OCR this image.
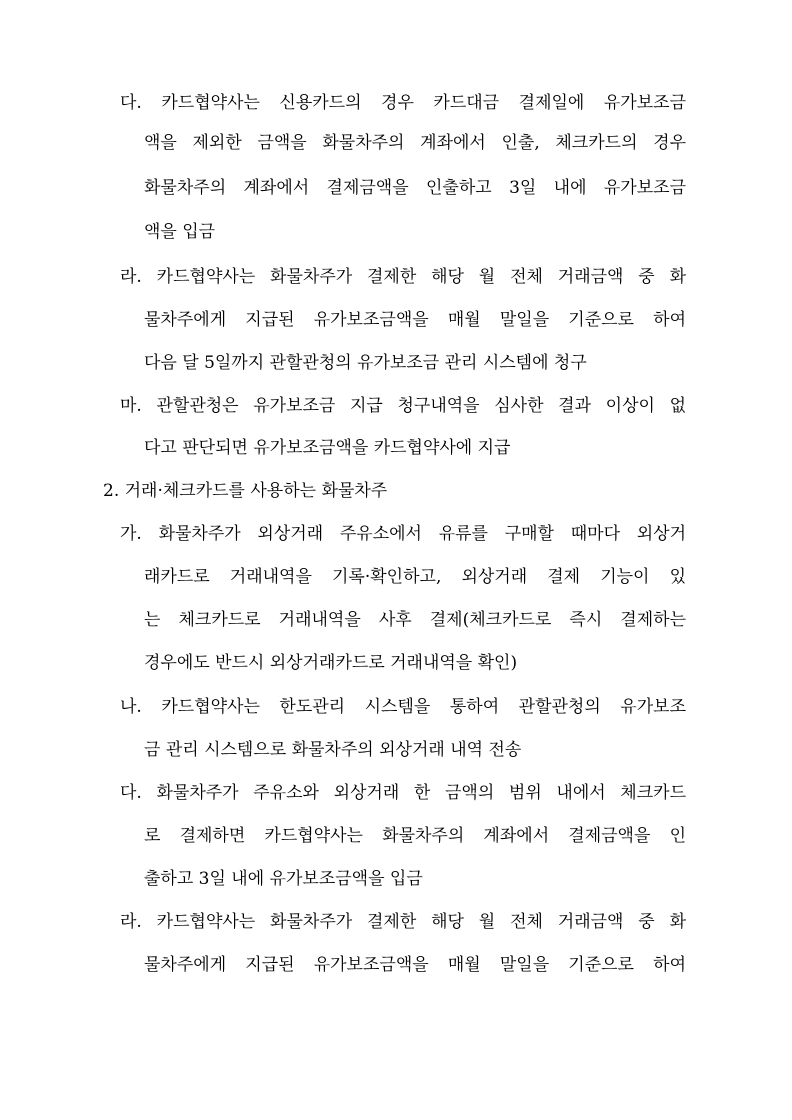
다. 카드협약사는 신용카드의 경우 카드대금 결제일에 유가보조금
액을 제외한 금액을 화물차주의 계좌에서 인출, 체크카드의 경우
화물차주의 계좌에서 결제금액을 인출하고 3일 내에 유가보조금
액을 입금
라. 카드협약사는 화물차주가 결제한 해당 월 전체 거래금액 중 화
물차주에게 지급된 유가보조금액을 매월 말일을 기준으로 하여
다음 달 5일까지 관할관청의 유가보조금 관리 시스템에 청구
마. 관할관청은 유가보조금 지급 청구내역을 심사한 결과 이상이 없
다고 판단되면 유가보조금액을 카드협약사에 지급
2. 거래·체크카드를 사용하는 화물차주
가. 화물차주가 외상거래 주유소에서 유류를 구매할 때마다 외상거
래카드로 거래내역을 기록·확인하고, 외상거래 결제 기능이 있
는 체크카드로 거래내역을 사후 결제(체크카드로 즉시 결제하는
경우에도 반드시 외상거래카드로 거래내역을 확인)
나. 카드협약사는 한도관리 시스템을 통하여 관할관청의 유가보조
금 관리 시스템으로 화물차주의 외상거래 내역 전송
다. 화물차주가 주유소와 외상거래 한 금액의 범위 내에서 체크카드
로 결제하면 카드협약사는 화물차주의 계좌에서 결제금액을 인
출하고 3일 내에 유가보조금액을 입금
라. 카드협약사는 화물차주가 결제한 해당 월 전체 거래금액 중 화
물차주에게 지급된 유가보조금액을 매월 말일을 기준으로 하여
